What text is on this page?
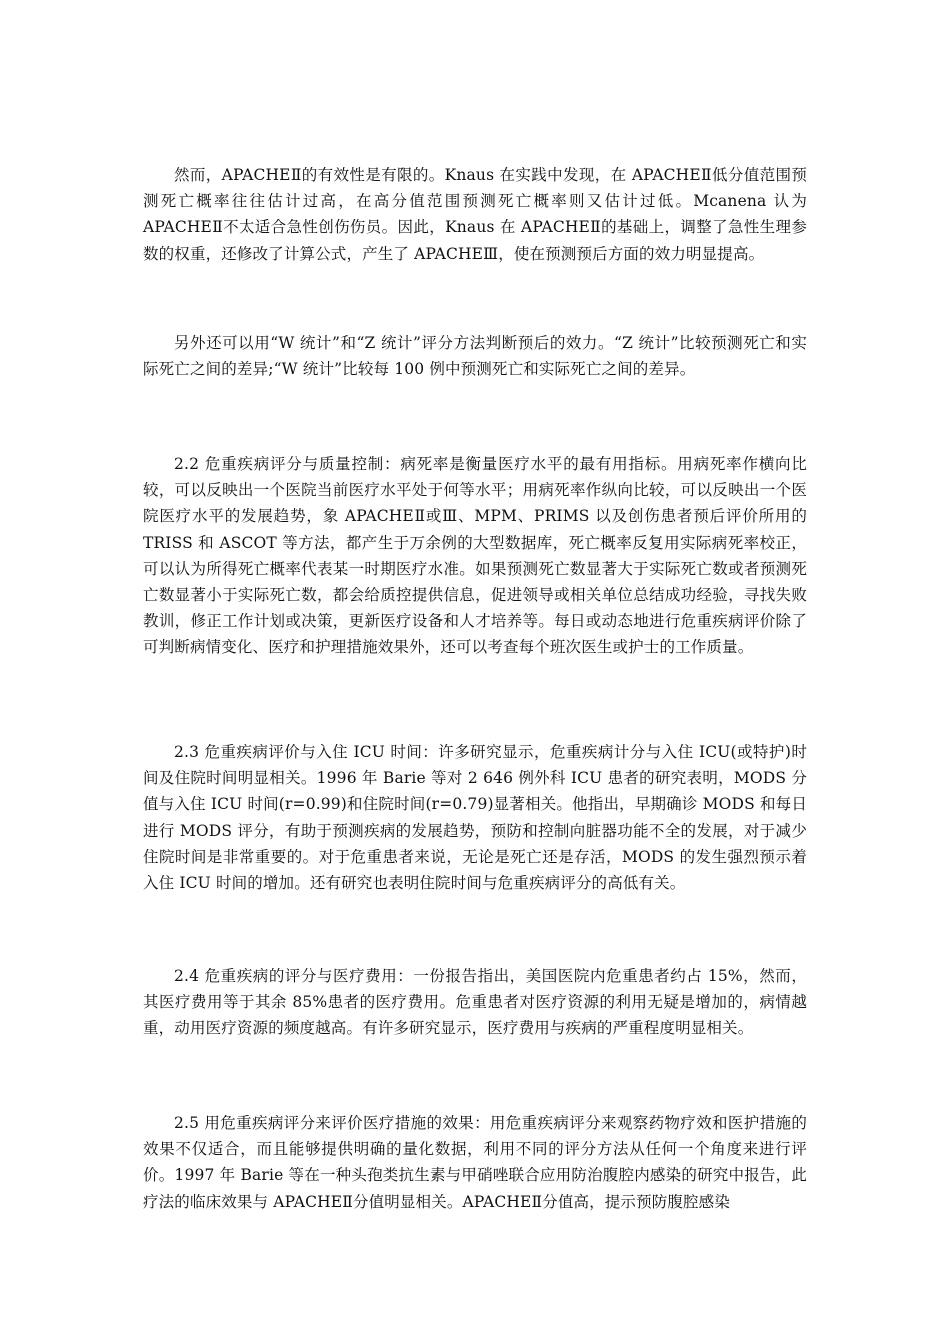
然而，APACHEⅡ的有效性是有限的。Knaus 在实践中发现，在 APACHEⅡ低分值范围预测死亡概率往往估计过高，在高分值范围预测死亡概率则又估计过低。Mcanena 认为 APACHEⅡ不太适合急性创伤伤员。因此，Knaus 在 APACHEⅡ的基础上，调整了急性生理参数的权重，还修改了计算公式，产生了 APACHEⅢ，使在预测预后方面的效力明显提高。

另外还可以用“W 统计”和“Z 统计”评分方法判断预后的效力。“Z 统计”比较预测死亡和实际死亡之间的差异;“W 统计”比较每 100 例中预测死亡和实际死亡之间的差异。

2.2 危重疾病评分与质量控制：病死率是衡量医疗水平的最有用指标。用病死率作横向比较，可以反映出一个医院当前医疗水平处于何等水平；用病死率作纵向比较，可以反映出一个医院医疗水平的发展趋势，象 APACHEⅡ或Ⅲ、MPM、PRIMS 以及创伤患者预后评价所用的 TRISS 和 ASCOT 等方法，都产生于万余例的大型数据库，死亡概率反复用实际病死率校正，可以认为所得死亡概率代表某一时期医疗水准。如果预测死亡数显著大于实际死亡数或者预测死亡数显著小于实际死亡数，都会给质控提供信息，促进领导或相关单位总结成功经验，寻找失败教训，修正工作计划或决策，更新医疗设备和人才培养等。每日或动态地进行危重疾病评价除了可判断病情变化、医疗和护理措施效果外，还可以考查每个班次医生或护士的工作质量。

2.3 危重疾病评价与入住 ICU 时间：许多研究显示，危重疾病计分与入住 ICU(或特护)时间及住院时间明显相关。1996 年 Barie 等对 2 646 例外科 ICU 患者的研究表明，MODS 分值与入住 ICU 时间(r=0.99)和住院时间(r=0.79)显著相关。他指出，早期确诊 MODS 和每日进行 MODS 评分，有助于预测疾病的发展趋势，预防和控制向脏器功能不全的发展，对于减少住院时间是非常重要的。对于危重患者来说，无论是死亡还是存活，MODS 的发生强烈预示着入住 ICU 时间的增加。还有研究也表明住院时间与危重疾病评分的高低有关。

2.4 危重疾病的评分与医疗费用：一份报告指出，美国医院内危重患者约占 15%，然而，其医疗费用等于其余 85%患者的医疗费用。危重患者对医疗资源的利用无疑是增加的，病情越重，动用医疗资源的频度越高。有许多研究显示，医疗费用与疾病的严重程度明显相关。

2.5 用危重疾病评分来评价医疗措施的效果：用危重疾病评分来观察药物疗效和医护措施的效果不仅适合，而且能够提供明确的量化数据，利用不同的评分方法从任何一个角度来进行评价。1997 年 Barie 等在一种头孢类抗生素与甲硝唑联合应用防治腹腔内感染的研究中报告，此疗法的临床效果与 APACHEⅡ分值明显相关。APACHEⅡ分值高，提示预防腹腔感染
